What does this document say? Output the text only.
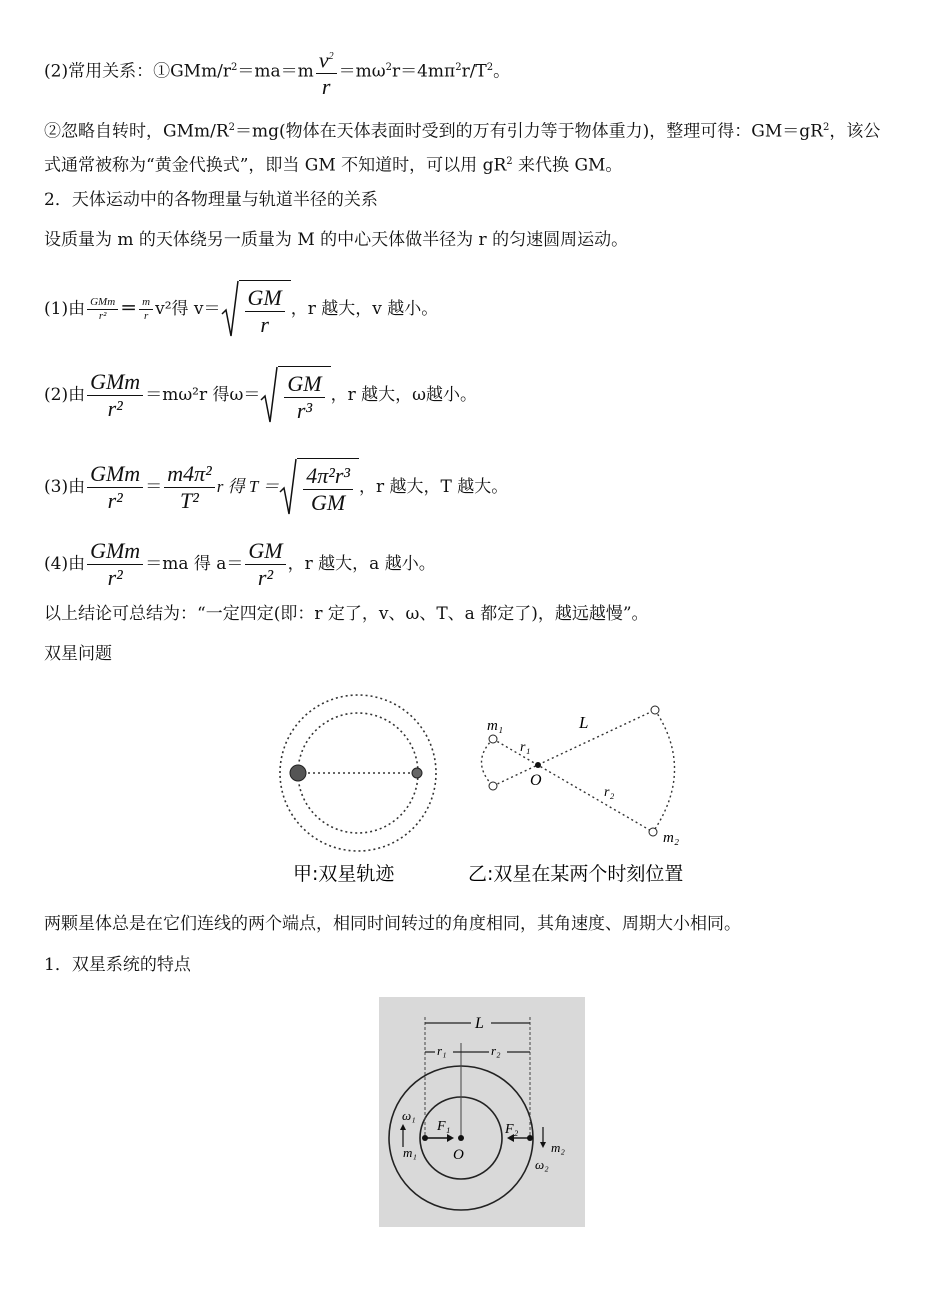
(2)常用关系：①GMm/$r^2=ma=m \frac{v^2}{r} =m\omega^2r=4m\pi^2r/T^2$。
②忽略自转时，GMm/$R^2=mg$(物体在天体表面时受到的万有引力等于物体重力)，整理可得：$GM=gR^2$，该公
式通常被称为“黄金代换式”，即当 GM 不知道时，可以用 $gR^2$ 来代换 GM。
2．天体运动中的各物理量与轨道半径的关系
设质量为 m 的天体绕另一质量为 M 的中心天体做半径为 r 的匀速圆周运动。
(1)由 $\frac{\text{GMm}}{\text{r²}} = \frac{m}{r} v^2$得 $v= \frac{GM}{r}$ ，r 越大，v 越小。
(2)由 $\frac{\text{GMm}}{\text{r²}} =m\omega^2r$ 得$\omega= \frac{GM}{\text{r³}}$ ，r 越大，ω越小。
(3)由 $\frac{\text{GMm}}{\text{r²}} = \frac{\text{m4π²}}{\text{T²}}$ r 得 $T = \frac{\text{4π²r³}}{GM}$ ，r 越大，T 越大。
(4)由 $\frac{\text{GMm}}{\text{r²}} =ma$ 得 $a= \frac{GM}{\text{r²}}$ ，r 越大，a 越小。
以上结论可总结为：“一定四定(即：r 定了，v、ω、T、a 都定了)，越远越慢”。
双星问题
甲:双星轨迹
m₁	L
r₁
O
r₂
m₂
乙:双星在某两个时刻位置
两颗星体总是在它们连线的两个端点，相同时间转过的角度相同，其角速度、周期大小相同。
1．双星系统的特点
L
r₁	r₂
ω₁
F₁	F₂
m₁ O	m₂
ω₂
